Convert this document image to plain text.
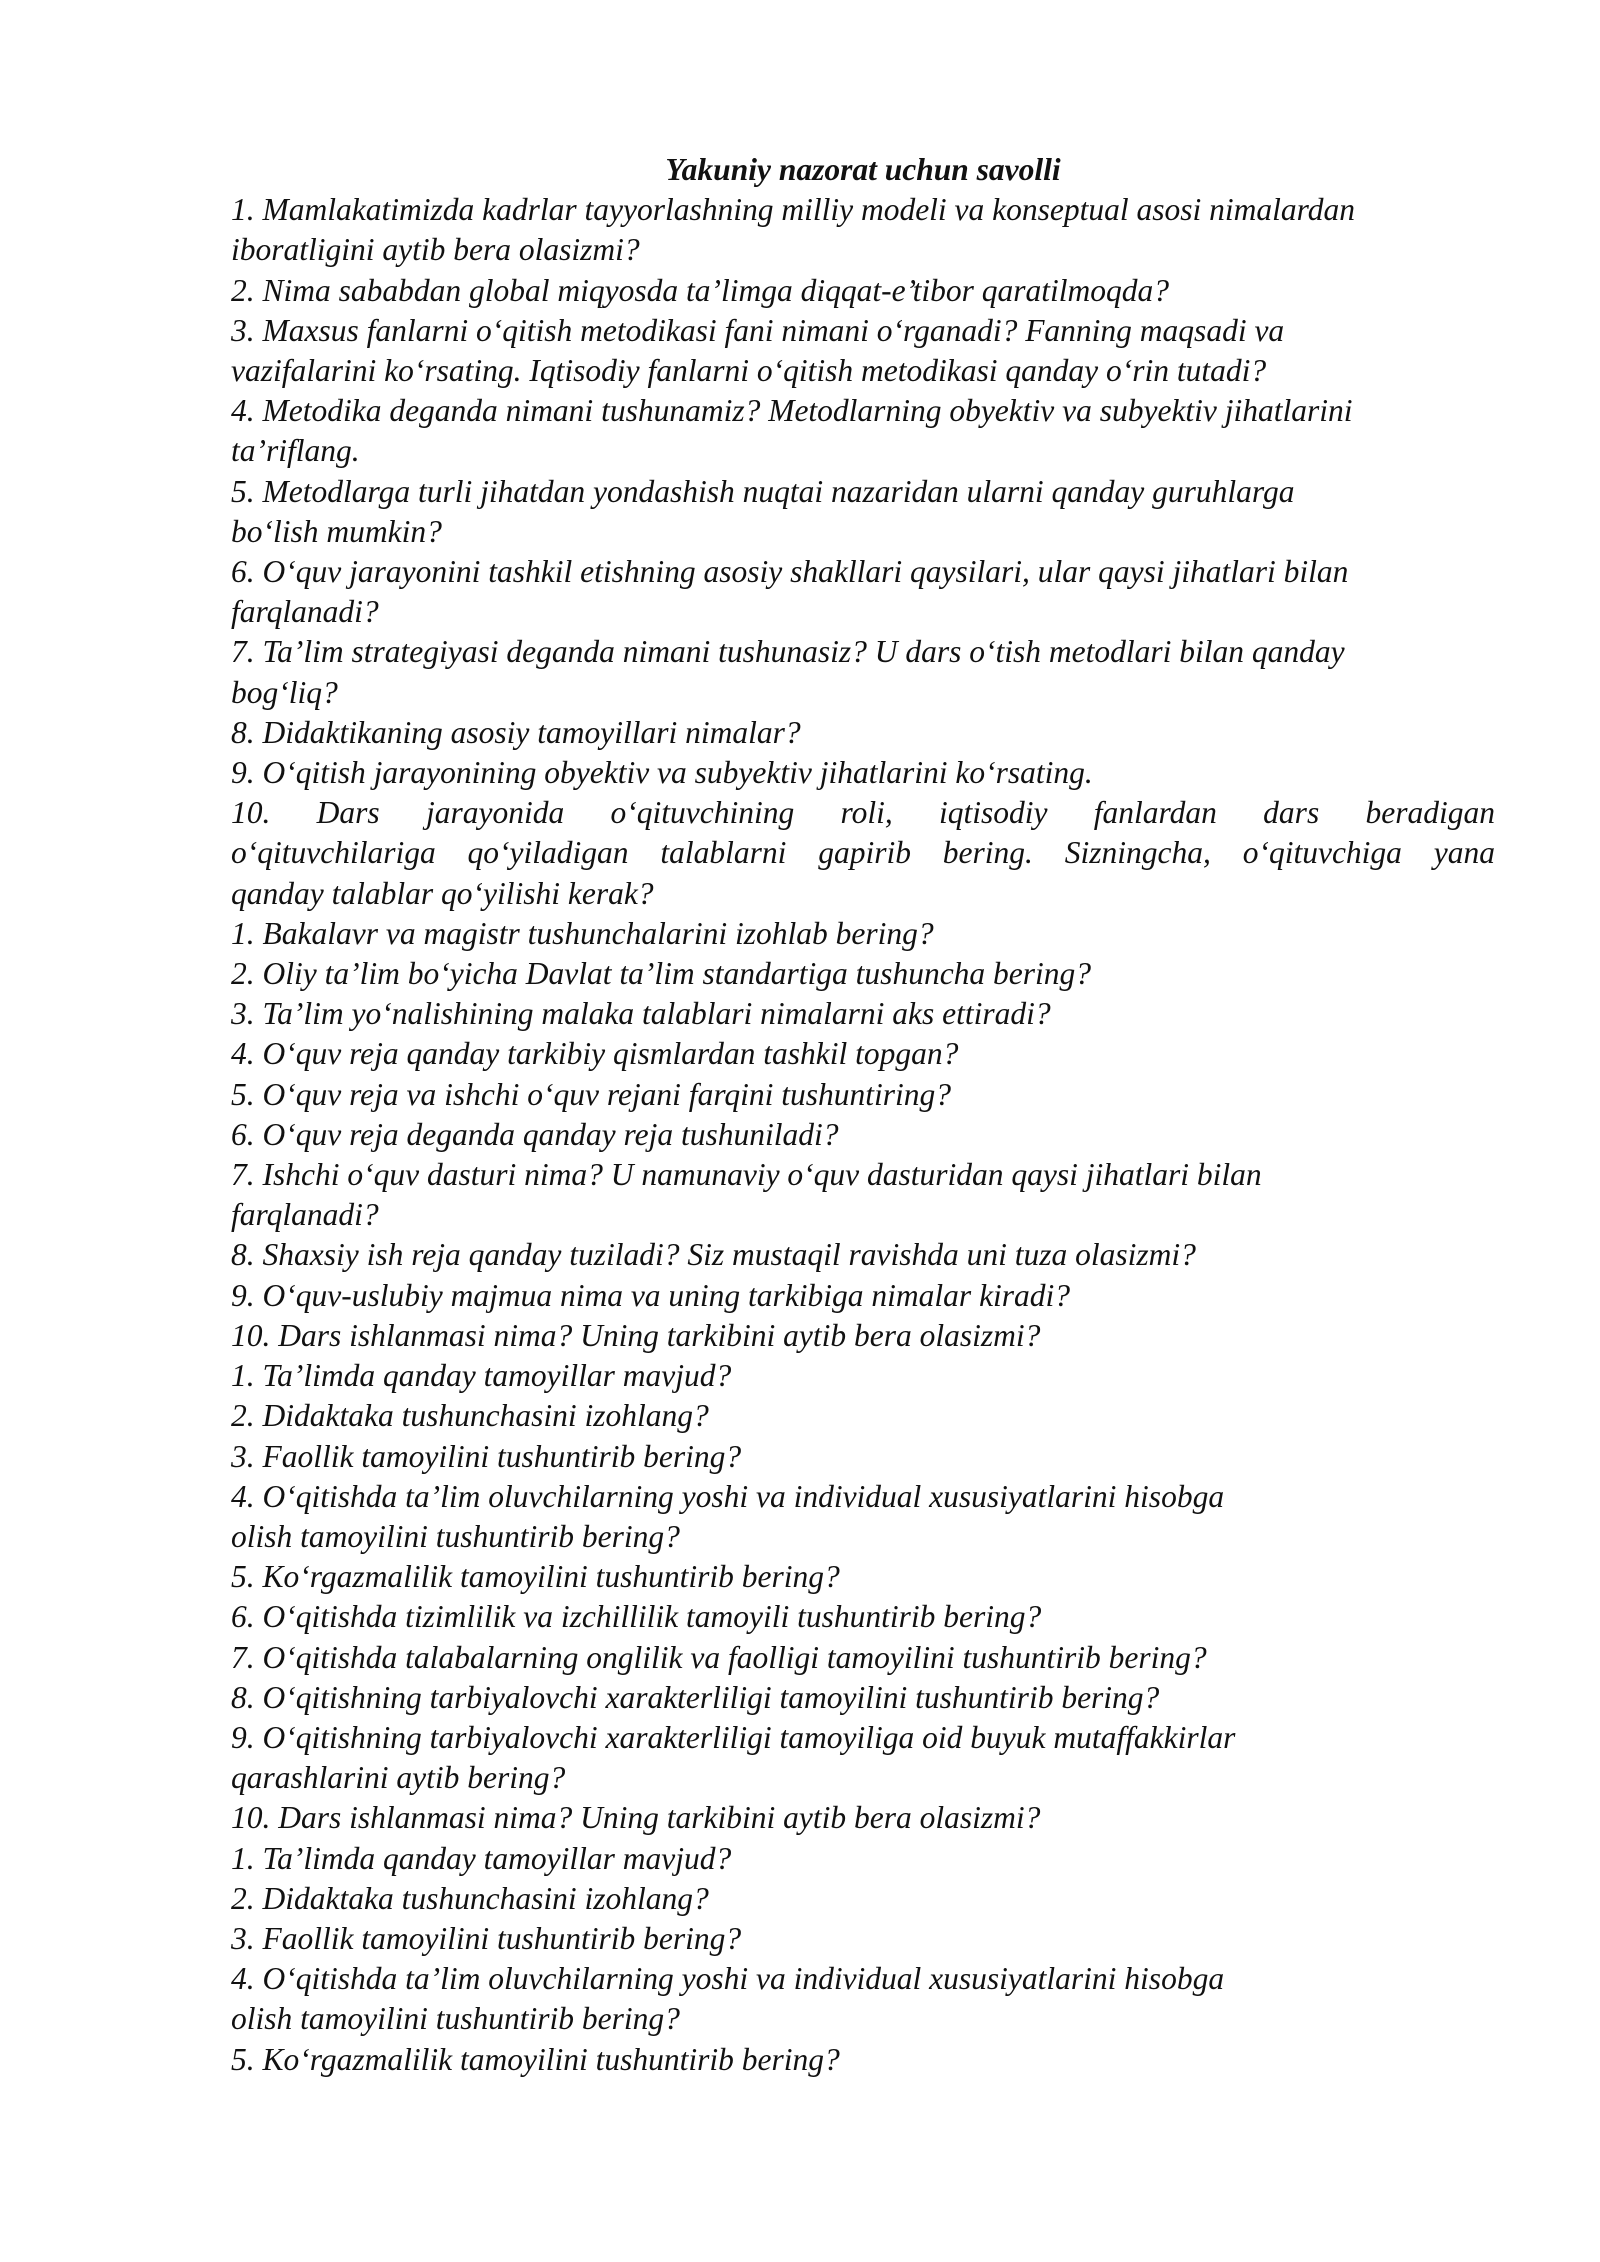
Yakuniy nazorat uchun savolli

1. Mamlakatimizda kadrlar tayyorlashning milliy modeli va konseptual asosi nimalardan

iboratligini aytib bera olasizmi?

2. Nima sababdan global miqyosda ta’limga diqqat-e’tibor qaratilmoqda?

3. Maxsus fanlarni o‘qitish metodikasi fani nimani o‘rganadi? Fanning maqsadi va

vazifalarini ko‘rsating. Iqtisodiy fanlarni o‘qitish metodikasi qanday o‘rin tutadi?

4. Metodika deganda nimani tushunamiz? Metodlarning obyektiv va subyektiv jihatlarini

ta’riflang.

5. Metodlarga turli jihatdan yondashish nuqtai nazaridan ularni qanday guruhlarga

bo‘lish mumkin?

6. O‘quv jarayonini tashkil etishning asosiy shakllari qaysilari, ular qaysi jihatlari bilan

farqlanadi?

7. Ta’lim strategiyasi deganda nimani tushunasiz? U dars o‘tish metodlari bilan qanday

bog‘liq?

8. Didaktikaning asosiy tamoyillari nimalar?

9. O‘qitish jarayonining obyektiv va subyektiv jihatlarini ko‘rsating.

10. Dars jarayonida o‘qituvchining roli, iqtisodiy fanlardan dars beradigan

o‘qituvchilariga qo‘yiladigan talablarni gapirib bering. Sizningcha, o‘qituvchiga yana

qanday talablar qo‘yilishi kerak?

1. Bakalavr va magistr tushunchalarini izohlab bering?

2. Oliy ta’lim bo‘yicha Davlat ta’lim standartiga tushuncha bering?

3. Ta’lim yo‘nalishining malaka talablari nimalarni aks ettiradi?

4. O‘quv reja qanday tarkibiy qismlardan tashkil topgan?

5. O‘quv reja va ishchi o‘quv rejani farqini tushuntiring?

6. O‘quv reja deganda qanday reja tushuniladi?

7. Ishchi o‘quv dasturi nima? U namunaviy o‘quv dasturidan qaysi jihatlari bilan

farqlanadi?

8. Shaxsiy ish reja qanday tuziladi? Siz mustaqil ravishda uni tuza olasizmi?

9. O‘quv-uslubiy majmua nima va uning tarkibiga nimalar kiradi?

10. Dars ishlanmasi nima? Uning tarkibini aytib bera olasizmi?

1. Ta’limda qanday tamoyillar mavjud?

2. Didaktaka tushunchasini izohlang?

3. Faollik tamoyilini tushuntirib bering?

4. O‘qitishda ta’lim oluvchilarning yoshi va individual xususiyatlarini hisobga

olish tamoyilini tushuntirib bering?

5. Ko‘rgazmalilik tamoyilini tushuntirib bering?

6. O‘qitishda tizimlilik va izchillilik tamoyili tushuntirib bering?

7. O‘qitishda talabalarning onglilik va faolligi tamoyilini tushuntirib bering?

8. O‘qitishning tarbiyalovchi xarakterliligi tamoyilini tushuntirib bering?

9. O‘qitishning tarbiyalovchi xarakterliligi tamoyiliga oid buyuk mutaffakkirlar

qarashlarini aytib bering?

10. Dars ishlanmasi nima? Uning tarkibini aytib bera olasizmi?

1. Ta’limda qanday tamoyillar mavjud?

2. Didaktaka tushunchasini izohlang?

3. Faollik tamoyilini tushuntirib bering?

4. O‘qitishda ta’lim oluvchilarning yoshi va individual xususiyatlarini hisobga

olish tamoyilini tushuntirib bering?

5. Ko‘rgazmalilik tamoyilini tushuntirib bering?
